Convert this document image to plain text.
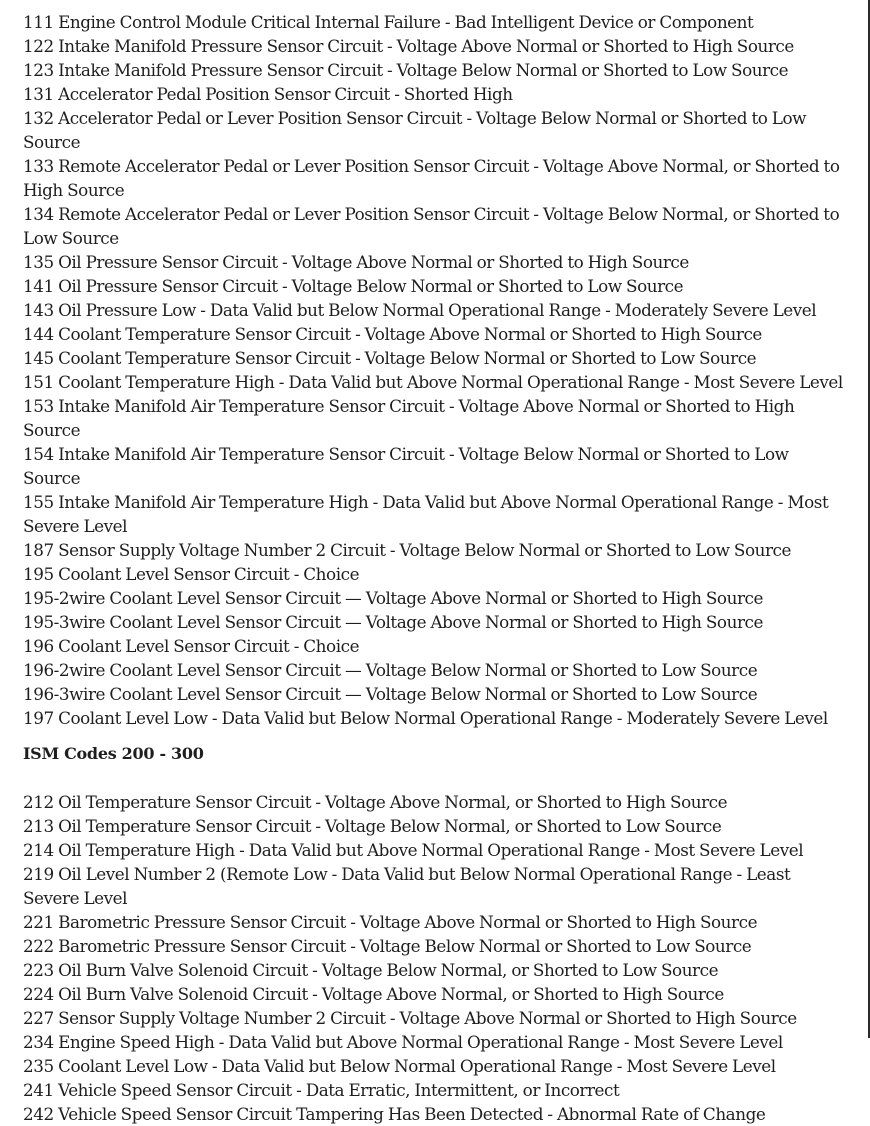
111 Engine Control Module Critical Internal Failure - Bad Intelligent Device or Component

122 Intake Manifold Pressure Sensor Circuit - Voltage Above Normal or Shorted to High Source

123 Intake Manifold Pressure Sensor Circuit - Voltage Below Normal or Shorted to Low Source

131 Accelerator Pedal Position Sensor Circuit - Shorted High

132 Accelerator Pedal or Lever Position Sensor Circuit - Voltage Below Normal or Shorted to Low Source

133 Remote Accelerator Pedal or Lever Position Sensor Circuit - Voltage Above Normal, or Shorted to High Source

134 Remote Accelerator Pedal or Lever Position Sensor Circuit - Voltage Below Normal, or Shorted to Low Source

135 Oil Pressure Sensor Circuit - Voltage Above Normal or Shorted to High Source

141 Oil Pressure Sensor Circuit - Voltage Below Normal or Shorted to Low Source

143 Oil Pressure Low - Data Valid but Below Normal Operational Range - Moderately Severe Level

144 Coolant Temperature Sensor Circuit - Voltage Above Normal or Shorted to High Source

145 Coolant Temperature Sensor Circuit - Voltage Below Normal or Shorted to Low Source

151 Coolant Temperature High - Data Valid but Above Normal Operational Range - Most Severe Level

153 Intake Manifold Air Temperature Sensor Circuit - Voltage Above Normal or Shorted to High Source

154 Intake Manifold Air Temperature Sensor Circuit - Voltage Below Normal or Shorted to Low Source

155 Intake Manifold Air Temperature High - Data Valid but Above Normal Operational Range - Most Severe Level

187 Sensor Supply Voltage Number 2 Circuit - Voltage Below Normal or Shorted to Low Source

195 Coolant Level Sensor Circuit - Choice

195-2wire Coolant Level Sensor Circuit — Voltage Above Normal or Shorted to High Source

195-3wire Coolant Level Sensor Circuit — Voltage Above Normal or Shorted to High Source

196 Coolant Level Sensor Circuit - Choice

196-2wire Coolant Level Sensor Circuit — Voltage Below Normal or Shorted to Low Source

196-3wire Coolant Level Sensor Circuit — Voltage Below Normal or Shorted to Low Source

197 Coolant Level Low - Data Valid but Below Normal Operational Range - Moderately Severe Level

ISM Codes 200 - 300

212 Oil Temperature Sensor Circuit - Voltage Above Normal, or Shorted to High Source

213 Oil Temperature Sensor Circuit - Voltage Below Normal, or Shorted to Low Source

214 Oil Temperature High - Data Valid but Above Normal Operational Range - Most Severe Level

219 Oil Level Number 2 (Remote Low - Data Valid but Below Normal Operational Range - Least Severe Level

221 Barometric Pressure Sensor Circuit - Voltage Above Normal or Shorted to High Source

222 Barometric Pressure Sensor Circuit - Voltage Below Normal or Shorted to Low Source

223 Oil Burn Valve Solenoid Circuit - Voltage Below Normal, or Shorted to Low Source

224 Oil Burn Valve Solenoid Circuit - Voltage Above Normal, or Shorted to High Source

227 Sensor Supply Voltage Number 2 Circuit - Voltage Above Normal or Shorted to High Source

234 Engine Speed High - Data Valid but Above Normal Operational Range - Most Severe Level

235 Coolant Level Low - Data Valid but Below Normal Operational Range - Most Severe Level

241 Vehicle Speed Sensor Circuit - Data Erratic, Intermittent, or Incorrect

242 Vehicle Speed Sensor Circuit Tampering Has Been Detected - Abnormal Rate of Change
